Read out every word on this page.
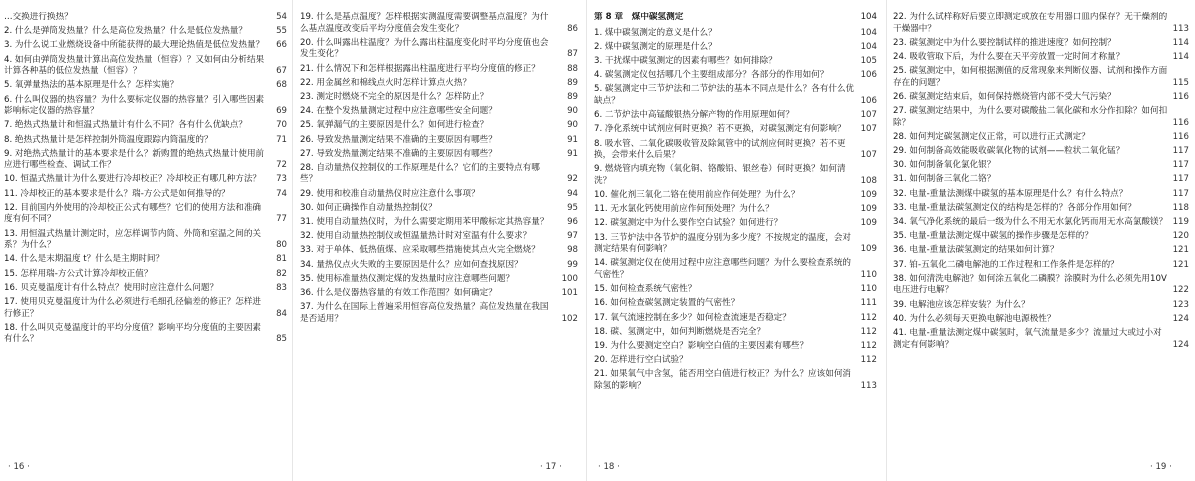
…交换进行换热？	54
2. 什么是弹筒发热量？什么是高位发热量？什么是低位发热量？	55
3. 为什么说工业燃烧设备中所能获得的最大理论热值是低位发热量？	66
4. 如何由弹筒发热量计算出高位发热量（恒容）？又如何由分析结果计算各种基的低位发热量（恒容）？	67
5. 氧弹量热法的基本原理是什么？怎样实施？	68
6. 什么叫仪器的热容量？为什么要标定仪器的热容量？引入哪些因素影响标定仪器的热容量？	69
7. 绝热式热量计和恒温式热量计有什么不同？各有什么优缺点？	70
8. 绝热式热量计是怎样控制外筒温度跟踪内筒温度的？	71
9. 对绝热式热量计的基本要求是什么？新购置的绝热式热量计使用前应进行哪些检查、调试工作？	72
10. 恒温式热量计为什么要进行冷却校正？冷却校正有哪几种方法？	73
11. 冷却校正的基本要求是什么？瑞-方公式是如何推导的？	74
12. 目前国内外使用的冷却校正公式有哪些？它们的使用方法和准确度有何不同？	77
13. 用恒温式热量计测定时，应怎样调节内筒、外筒和室温之间的关系？为什么？	80
14. 什么是末期温度 t？什么是主期时间？	81
15. 怎样用瑞-方公式计算冷却校正值？	82
16. 贝克曼温度计有什么特点？使用时应注意什么问题？	83
17. 使用贝克曼温度计为什么必须进行毛细孔径偏差的修正？怎样进行修正？	84
18. 什么叫贝克曼温度计的平均分度值？影响平均分度值的主要因素有什么？	85
19. 什么是基点温度？怎样根据实测温度需要调整基点温度？为什么基点温度改变后平均分度值会发生变化？	86
20. 什么叫露出柱温度？为什么露出柱温度变化时平均分度值也会发生变化？	87
21. 什么情况下和怎样根据露出柱温度进行平均分度值的修正？	88
22. 用金属丝和棉线点火时怎样计算点火热？	89
23. 测定时燃烧不完全的原因是什么？怎样防止？	89
24. 在整个发热量测定过程中应注意哪些安全问题？	90
25. 氧弹漏气的主要原因是什么？如何进行检查？	90
26. 导致发热量测定结果不准确的主要原因有哪些？	91
27. 导致发热量测定结果不准确的主要原因有哪些？	91
28. 自动量热仪控制仪的工作原理是什么？它们的主要特点有哪些？	92
29. 使用和校准自动量热仪时应注意什么事项？	94
30. 如何正确操作自动量热控制仪？	95
31. 使用自动量热仪时，为什么需要定期用苯甲酸标定其热容量？	96
32. 使用自动量热控制仪或恒温量热计时对室温有什么要求？	97
33. 对于单体、低热值煤、应采取哪些措施使其点火完全燃烧？	98
34. 量热仪点火失败的主要原因是什么？应如何查找原因？	99
35. 使用标准量热仪测定煤的发热量时应注意哪些问题？	100
36. 什么是仪器热容量的有效工作范围？如何确定？	101
37. 为什么在国际上普遍采用恒容高位发热量？高位发热量在我国是否适用？	102
第 8 章　煤中碳氢测定	104
1. 煤中碳氢测定的意义是什么？	104
2. 煤中碳氢测定的原理是什么？	104
3. 干扰煤中碳氢测定的因素有哪些？如何排除？	105
4. 碳氢测定仪包括哪几个主要组成部分？各部分的作用如何？	106
5. 碳氢测定中三节炉法和二节炉法的基本不同点是什么？各有什么优缺点？	106
6. 二节炉法中高锰酸银热分解产物的作用原理如何？	107
7. 净化系统中试剂应何时更换？若不更换，对碳氢测定有何影响？	107
8. 吸水管、二氧化碳吸收管及除氮管中的试剂应何时更换？若不更换，会带来什么后果？	107
9. 燃烧管内填充物（氧化铜、铬酸铅、银丝卷）何时更换？如何清洗？	108
10. 催化剂三氧化二铬在使用前应作何处理？为什么？	109
11. 无水氯化钙使用前应作何预处理？为什么？	109
12. 碳氢测定中为什么要作空白试验？如何进行？	109
13. 三节炉法中各节炉的温度分别为多少度？不按规定的温度，会对测定结果有何影响？	109
14. 碳氢测定仪在使用过程中应注意哪些问题？为什么要检查系统的气密性？	110
15. 如何检查系统气密性？	110
16. 如何检查碳氢测定装置的气密性？	111
17. 氧气流速控制在多少？如何检查流速是否稳定？	112
18. 碳、氢测定中，如何判断燃烧是否完全？	112
19. 为什么要测定空白？影响空白值的主要因素有哪些？	112
20. 怎样进行空白试验？	112
21. 如果氧气中含氢，能否用空白值进行校正？为什么？应该如何消除氢的影响？	113
22. 为什么试样称好后要立即测定或放在专用器口皿内保存？无干燥剂的干燥器中？	113
23. 碳氢测定中为什么要控制试样的推进速度？如何控制？	114
24. 吸收管取下后，为什么要在天平旁放置一定时间才称量？	114
25. 碳氢测定中，如何根据测值的反常现象来判断仪器、试剂和操作方面存在的问题？	115
26. 碳氢测定结束后，如何保持燃烧管内部不受大气污染？	116
27. 碳氢测定结果中，为什么要对碳酸盐二氧化碳和水分作扣除？如何扣除？	116
28. 如何判定碳氢测定仪正常，可以进行正式测定？	116
29. 如何制备高效能吸收碳氧化物的试剂——粒状二氧化锰？	117
30. 如何制备氧化氯化银？	117
31. 如何制备三氧化二铬？	117
32. 电量-重量法测煤中碳氢的基本原理是什么？有什么特点？	117
33. 电量-重量法碳氢测定仪的结构是怎样的？各部分作用如何？	118
34. 氧气净化系统的最后一级为什么不用无水氯化钙而用无水高氯酸镁？ 119
35. 电量-重量法测定煤中碳氢的操作步骤是怎样的？	120
36. 电量-重量法碳氢测定的结果如何计算？	121
37. 铂-五氧化二磷电解池的工作过程和工作条件是怎样的？	121
38. 如何清洗电解池？如何涂五氧化二磷膜？涂膜时为什么必须先用10V电压进行电解？	122
39. 电解池应该怎样安装？为什么？	123
40. 为什么必须每天更换电解池电源极性？	124
41. 电量-重量法测定煤中碳氢时，氧气流量是多少？流量过大或过小对测定有何影响？	124
· 16 ·	· 17 ·	· 18 ·	· 19 ·
